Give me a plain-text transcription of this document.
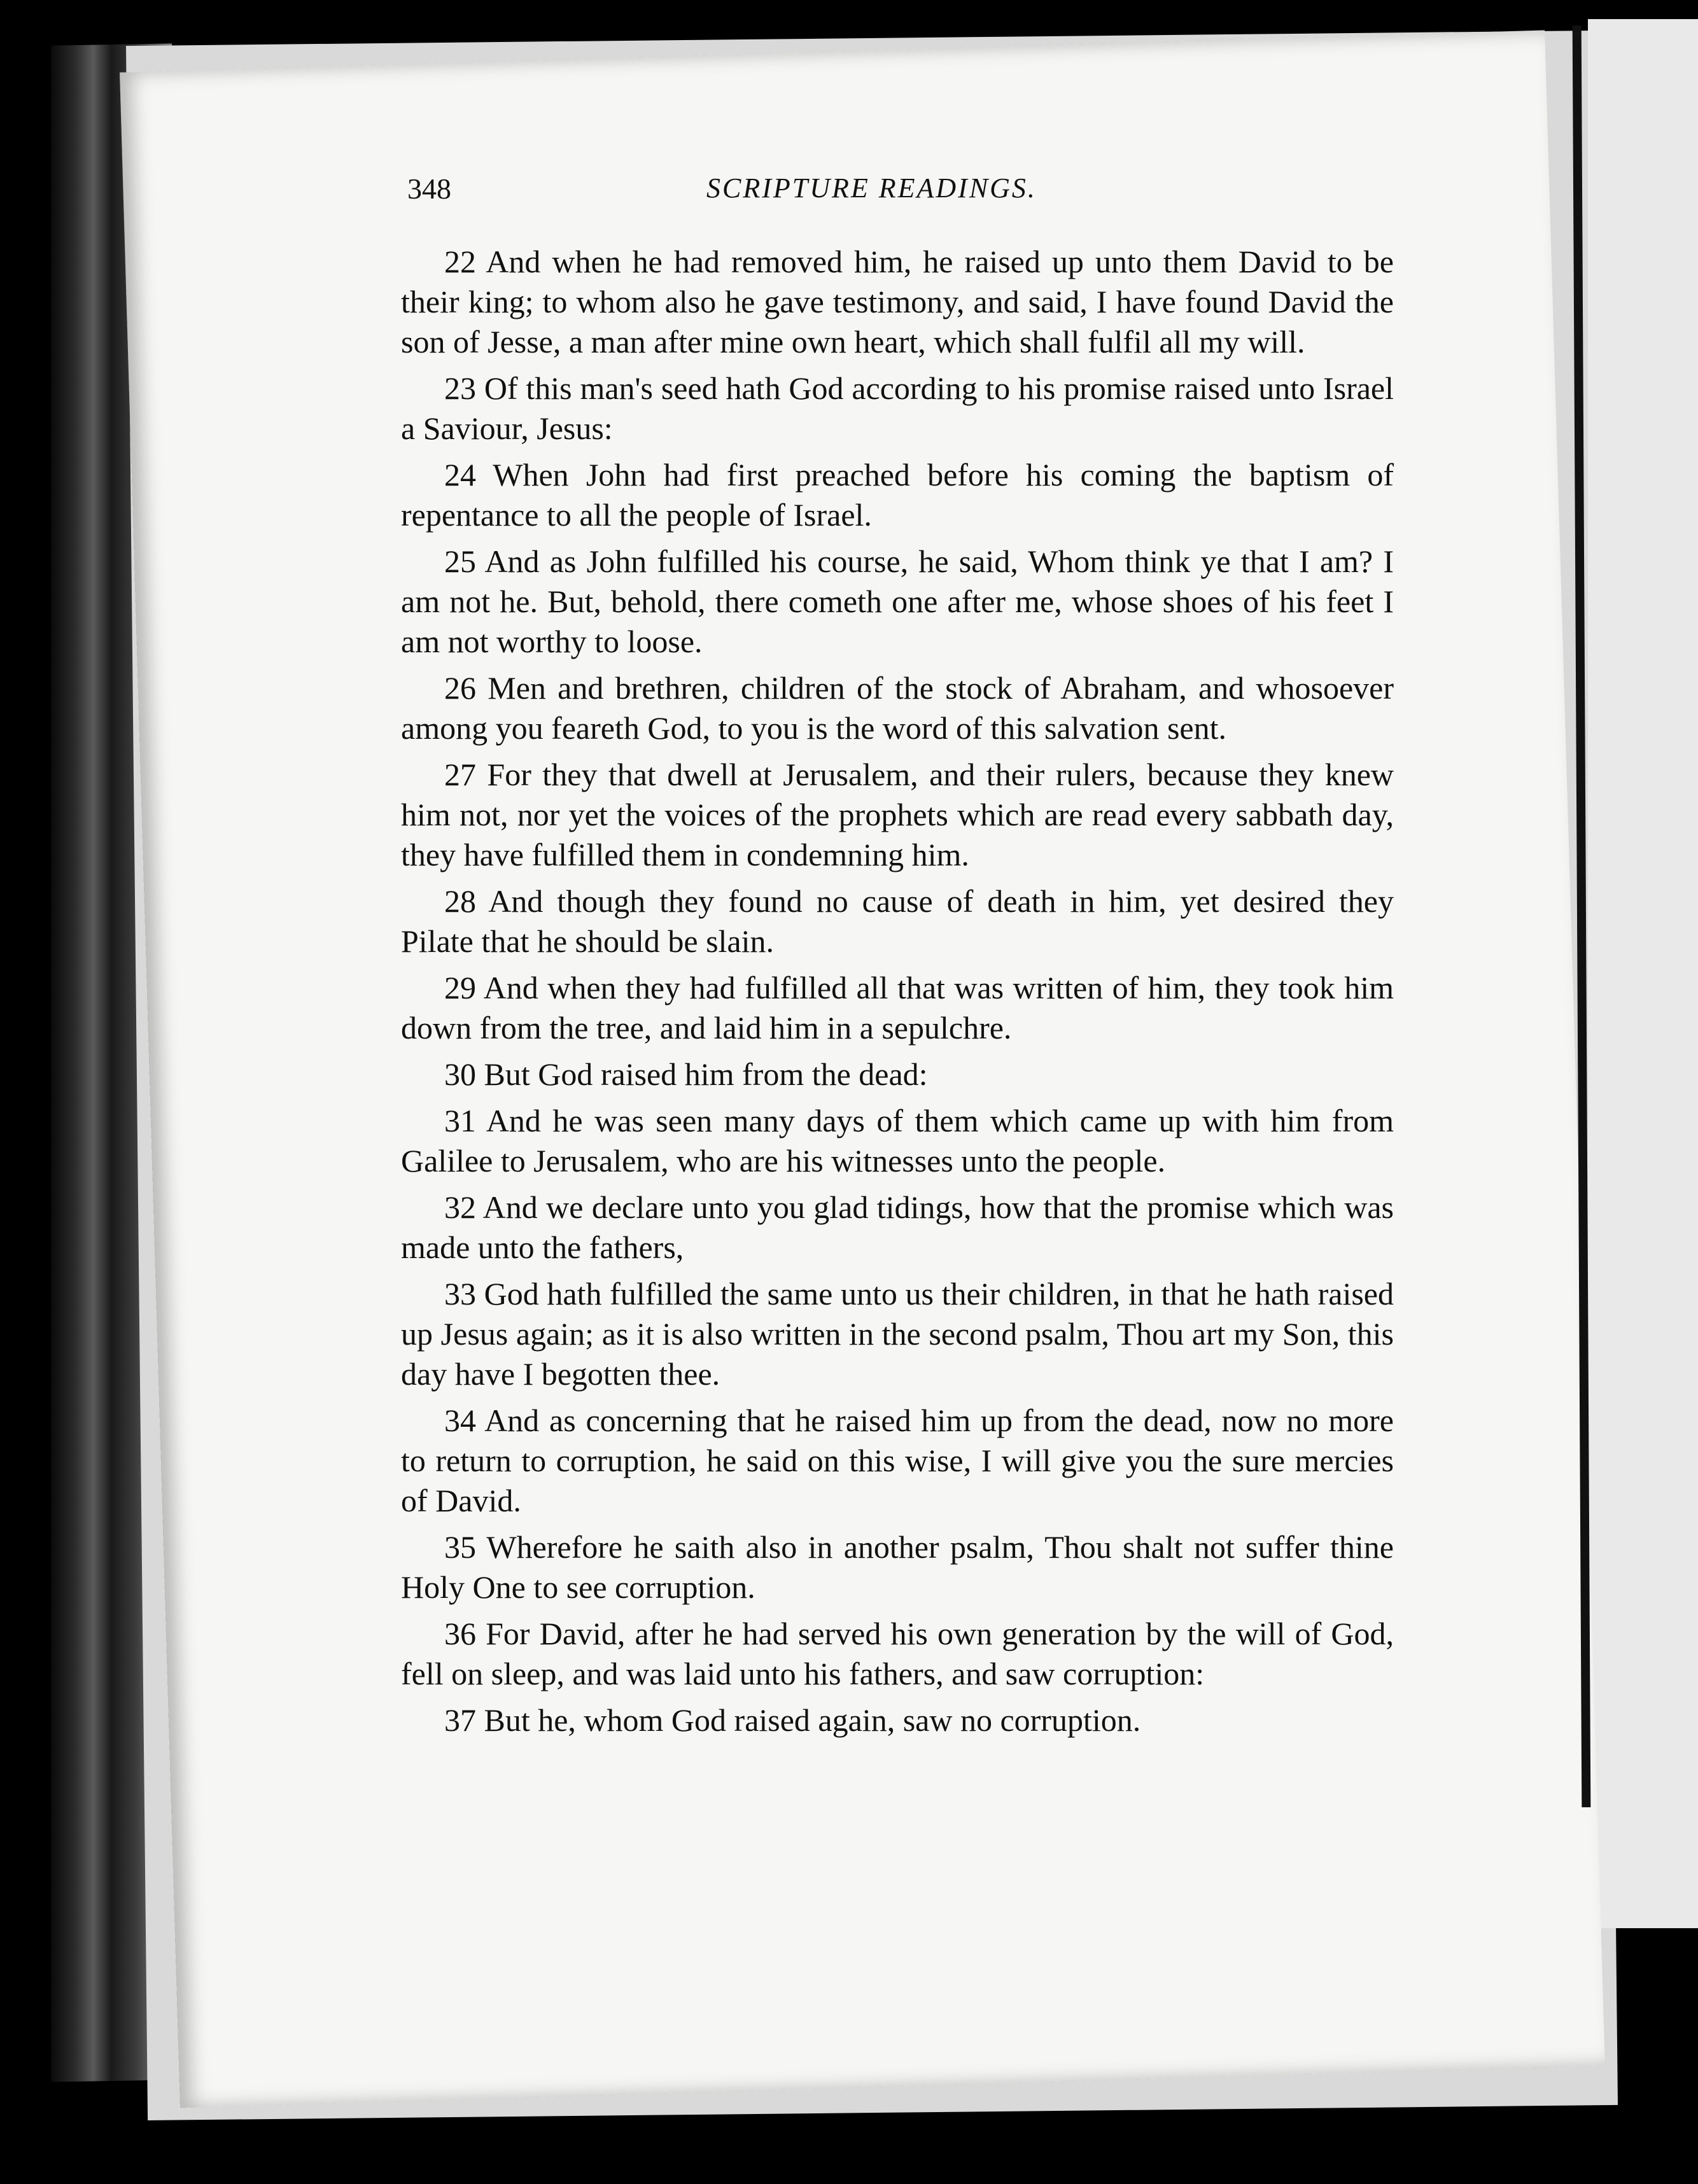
348	SCRIPTURE READINGS.

22 And when he had removed him, he raised up unto them David to be their king; to whom also he gave testimony, and said, I have found David the son of Jesse, a man after mine own heart, which shall fulfil all my will.

23 Of this man's seed hath God according to his promise raised unto Israel a Saviour, Jesus:

24 When John had first preached before his coming the baptism of repentance to all the people of Israel.

25 And as John fulfilled his course, he said, Whom think ye that I am? I am not he. But, behold, there cometh one after me, whose shoes of his feet I am not worthy to loose.

26 Men and brethren, children of the stock of Abraham, and whosoever among you feareth God, to you is the word of this salvation sent.

27 For they that dwell at Jerusalem, and their rulers, because they knew him not, nor yet the voices of the prophets which are read every sabbath day, they have fulfilled them in condemning him.

28 And though they found no cause of death in him, yet desired they Pilate that he should be slain.

29 And when they had fulfilled all that was written of him, they took him down from the tree, and laid him in a sepulchre.

30 But God raised him from the dead:

31 And he was seen many days of them which came up with him from Galilee to Jerusalem, who are his witnesses unto the people.

32 And we declare unto you glad tidings, how that the promise which was made unto the fathers,

33 God hath fulfilled the same unto us their children, in that he hath raised up Jesus again; as it is also written in the second psalm, Thou art my Son, this day have I begotten thee.

34 And as concerning that he raised him up from the dead, now no more to return to corruption, he said on this wise, I will give you the sure mercies of David.

35 Wherefore he saith also in another psalm, Thou shalt not suffer thine Holy One to see corruption.

36 For David, after he had served his own generation by the will of God, fell on sleep, and was laid unto his fathers, and saw corruption:

37 But he, whom God raised again, saw no corruption.
